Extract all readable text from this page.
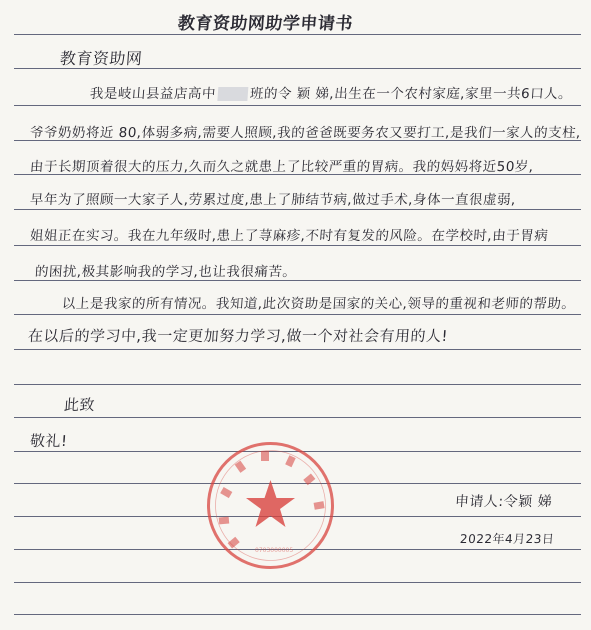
教育资助网助学申请书
教育资助网
我是岐山县益店高中 班的令 颖 娣,出生在一个农村家庭,家里一共6口人。
爷爷奶奶将近 80,体弱多病,需要人照顾,我的爸爸既要务农又要打工,是我们一家人的支柱,
由于长期顶着很大的压力,久而久之就患上了比较严重的胃病。我的妈妈将近50岁,
早年为了照顾一大家子人,劳累过度,患上了肺结节病,做过手术,身体一直很虚弱,
姐姐正在实习。我在九年级时,患上了荨麻疹,不时有复发的风险。在学校时,由于胃病
的困扰,极其影响我的学习,也让我很痛苦。
以上是我家的所有情况。我知道,此次资助是国家的关心,领导的重视和老师的帮助。
在以后的学习中,我一定更加努力学习,做一个对社会有用的人!
此致
敬礼!
0703000005
申请人:令颖 娣
2022年4月23日
